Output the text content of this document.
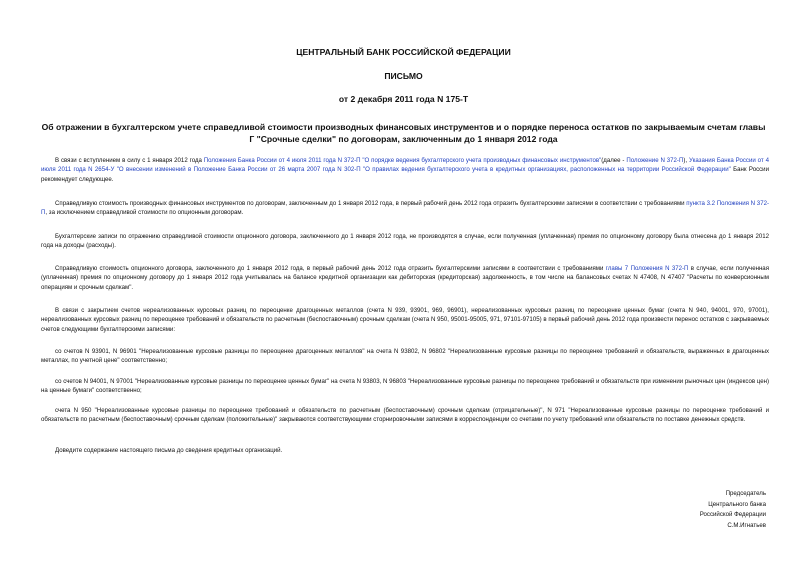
ЦЕНТРАЛЬНЫЙ БАНК РОССИЙСКОЙ ФЕДЕРАЦИИ
ПИСЬМО
от 2 декабря 2011 года N 175-Т
Об отражении в бухгалтерском учете справедливой стоимости производных финансовых инструментов и о порядке переноса остатков по закрываемым счетам главы Г "Срочные сделки" по договорам, заключенным до 1 января 2012 года

В связи с вступлением в силу с 1 января 2012 года Положения Банка России от 4 июля 2011 года N 372-П "О порядке ведения бухгалтерского учета производных финансовых инструментов"(далее - Положение N 372-П), Указания Банка России от 4 июля 2011 года N 2654-У "О внесении изменений в Положение Банка России от 26 марта 2007 года N 302-П "О правилах ведения бухгалтерского учета в кредитных организациях, расположенных на территории Российской Федерации" Банк России рекомендует следующее.

Справедливую стоимость производных финансовых инструментов по договорам, заключенным до 1 января 2012 года, в первый рабочий день 2012 года отразить бухгалтерскими записями в соответствии с требованиями пункта 3.2 Положения N 372-П, за исключением справедливой стоимости по опционным договорам.

Бухгалтерские записи по отражению справедливой стоимости опционного договора, заключенного до 1 января 2012 года, не производятся в случае, если полученная (уплаченная) премия по опционному договору была отнесена до 1 января 2012 года на доходы (расходы).

Справедливую стоимость опционного договора, заключенного до 1 января 2012 года, в первый рабочий день 2012 года отразить бухгалтерскими записями в соответствии с требованиями главы 7 Положения N 372-П в случае, если полученная (уплаченная) премия по опционному договору до 1 января 2012 года учитывалась на балансе кредитной организации как дебиторская (кредиторская) задолженность, в том числе на балансовых счетах N 47408, N 47407 "Расчеты по конверсионным операциям и срочным сделкам".

В связи с закрытием счетов нереализованных курсовых разниц по переоценке драгоценных металлов (счета N 939, 93901, 969, 96901), нереализованных курсовых разниц по переоценке ценных бумаг (счета N 940, 94001, 970, 97001), нереализованных курсовых разниц по переоценке требований и обязательств по расчетным (беспоставочным) срочным сделкам (счета N 950, 95001-95005, 971, 97101-97105) в первый рабочий день 2012 года произвести перенос остатков с закрываемых счетов следующими бухгалтерскими записями:

со счетов N 93901, N 96901 "Нереализованные курсовые разницы по переоценке драгоценных металлов" на счета N 93802, N 96802 "Нереализованные курсовые разницы по переоценке требований и обязательств, выраженных в драгоценных металлах, по учетной цене" соответственно;

со счетов N 94001, N 97001 "Нереализованные курсовые разницы по переоценке ценных бумаг" на счета N 93803, N 96803 "Нереализованные курсовые разницы по переоценке требований и обязательств при изменении рыночных цен (индексов цен) на ценные бумаги" соответственно;

счета N 950 "Нереализованные курсовые разницы по переоценке требований и обязательств по расчетным (беспоставочным) срочным сделкам (отрицательные)", N 971 "Нереализованные курсовые разницы по переоценке требований и обязательств по расчетным (беспоставочным) срочным сделкам (положительные)" закрываются соответствующими сторнировочными записями в корреспонденции со счетами по учету требований или обязательств по поставке денежных средств.

Доведите содержание настоящего письма до сведения кредитных организаций.

Председатель
Центрального банка
Российской Федерации
С.М.Игнатьев
